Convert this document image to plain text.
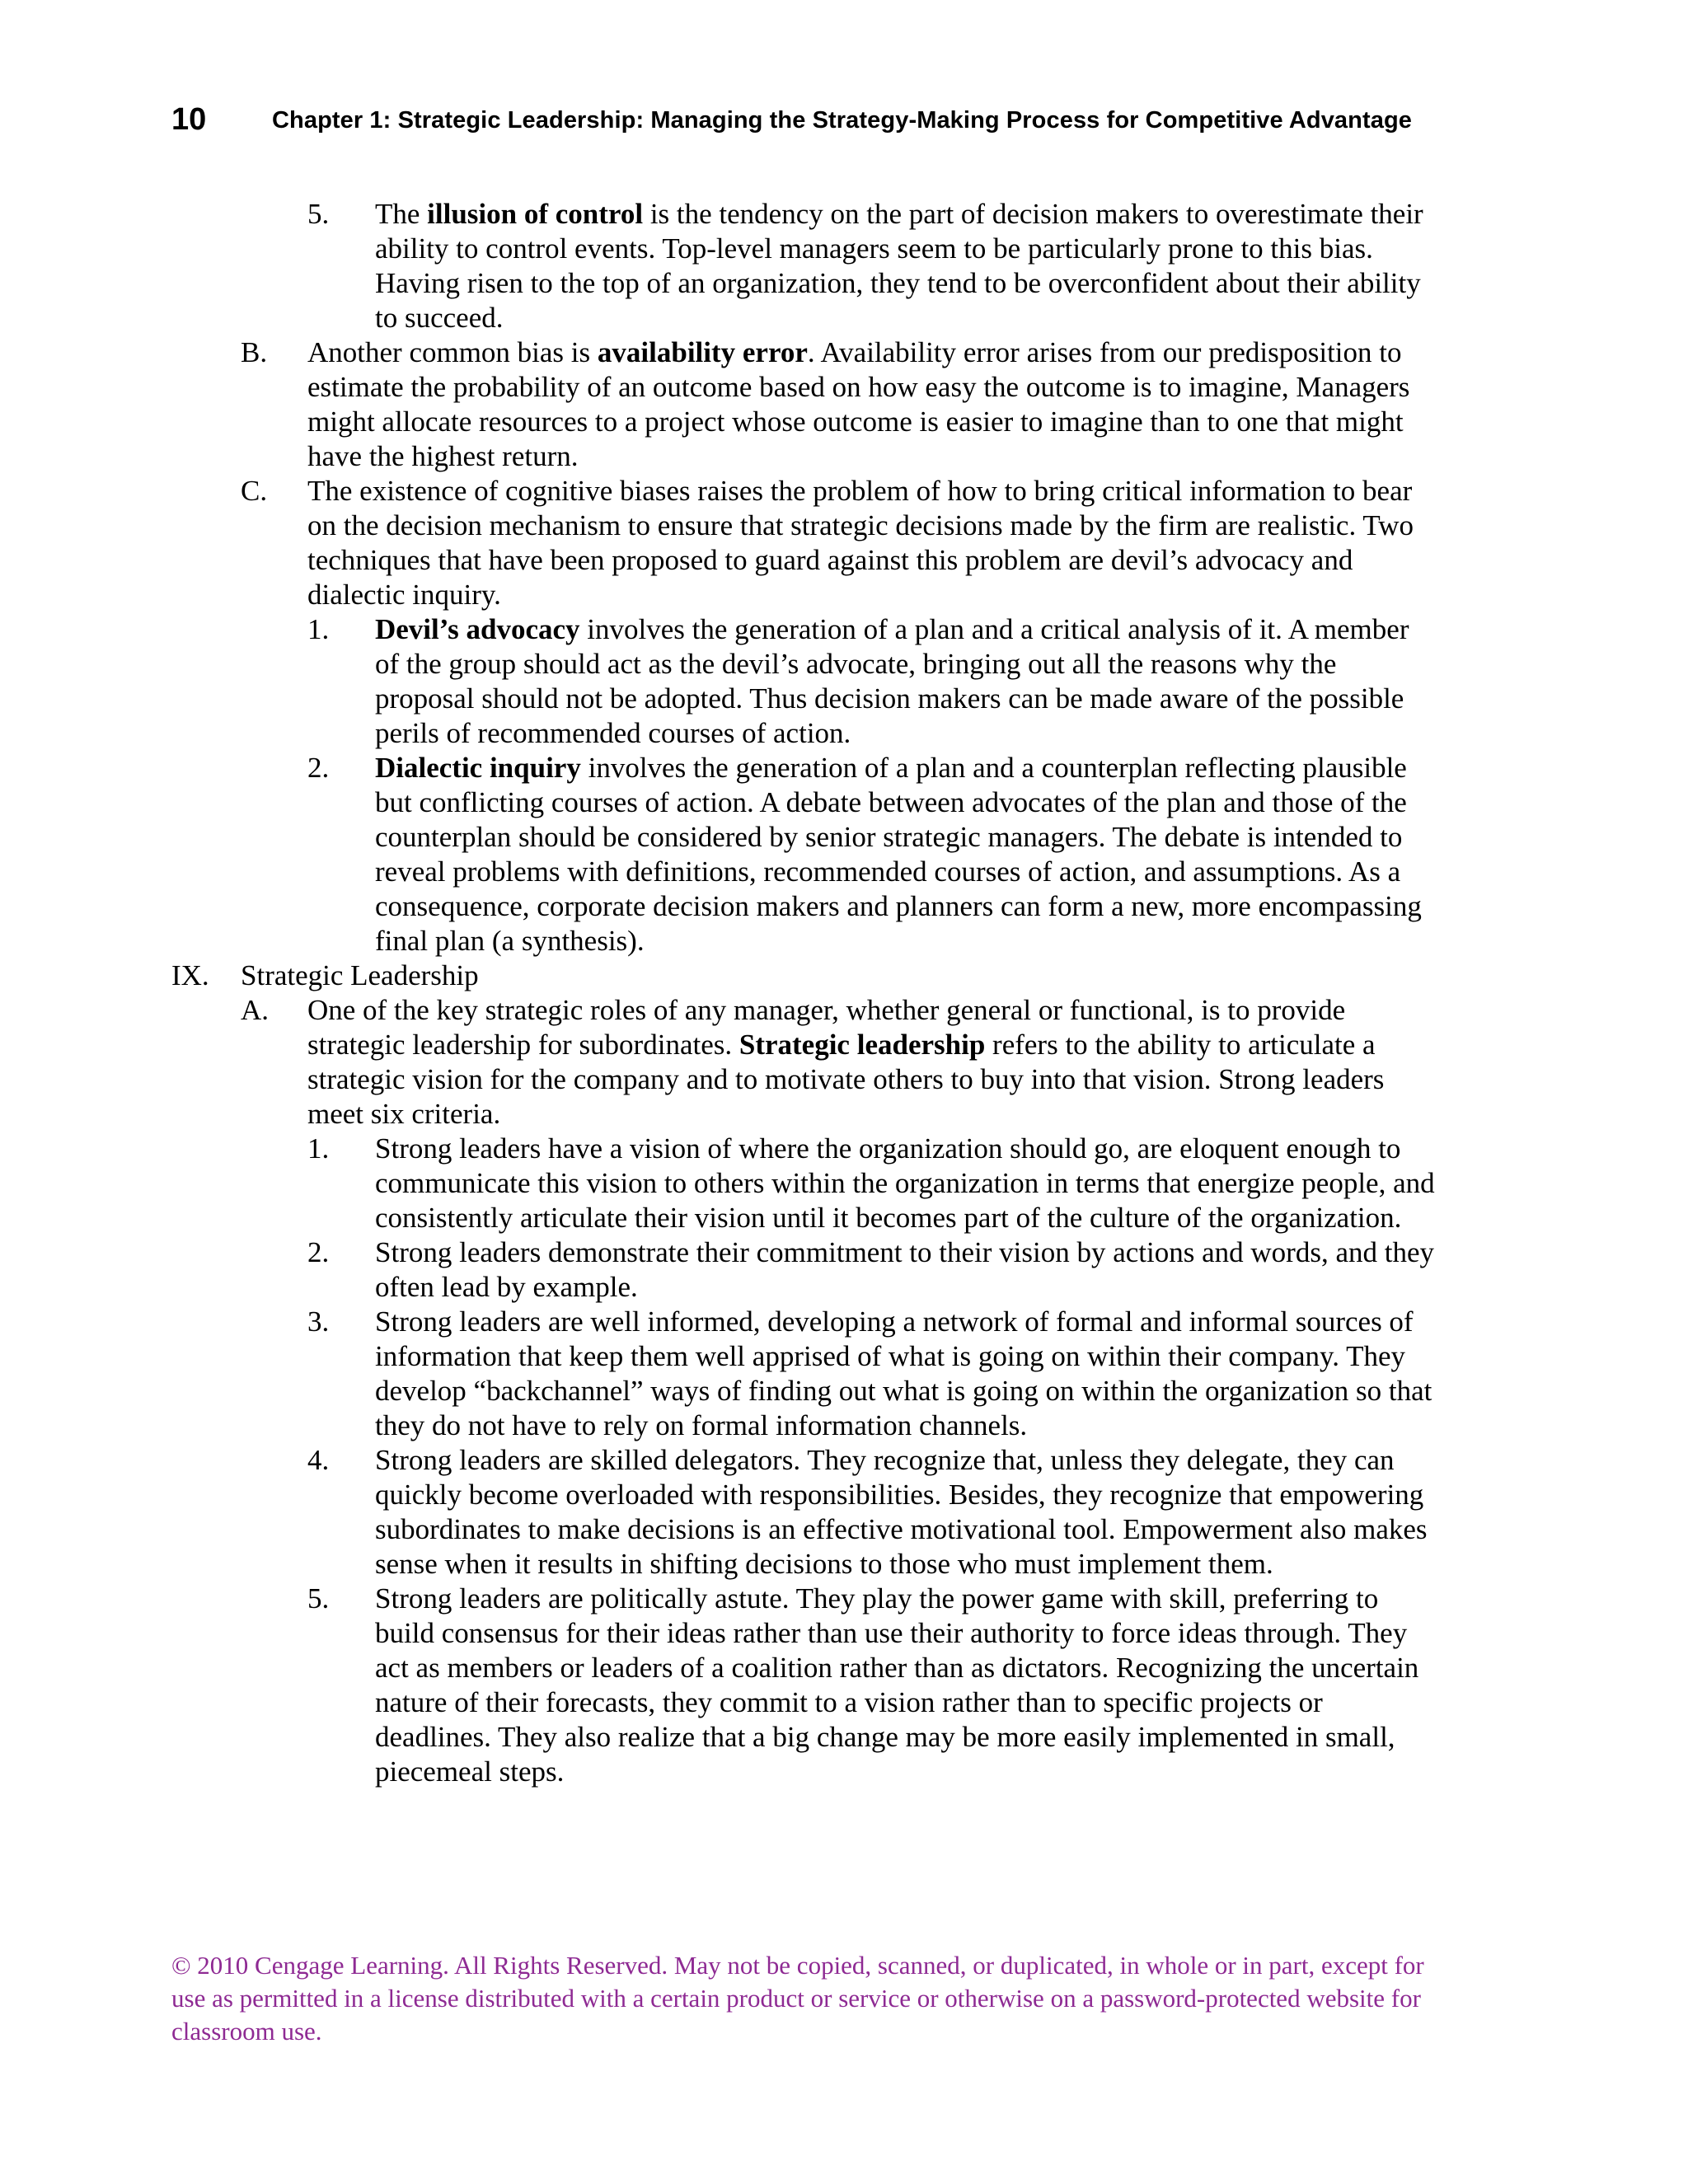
10	Chapter 1: Strategic Leadership: Managing the Strategy-Making Process for Competitive Advantage
5. The illusion of control is the tendency on the part of decision makers to overestimate their ability to control events. Top-level managers seem to be particularly prone to this bias. Having risen to the top of an organization, they tend to be overconfident about their ability to succeed.
B. Another common bias is availability error. Availability error arises from our predisposition to estimate the probability of an outcome based on how easy the outcome is to imagine, Managers might allocate resources to a project whose outcome is easier to imagine than to one that might have the highest return.
C. The existence of cognitive biases raises the problem of how to bring critical information to bear on the decision mechanism to ensure that strategic decisions made by the firm are realistic. Two techniques that have been proposed to guard against this problem are devil’s advocacy and dialectic inquiry.
1. Devil’s advocacy involves the generation of a plan and a critical analysis of it. A member of the group should act as the devil’s advocate, bringing out all the reasons why the proposal should not be adopted. Thus decision makers can be made aware of the possible perils of recommended courses of action.
2. Dialectic inquiry involves the generation of a plan and a counterplan reflecting plausible but conflicting courses of action. A debate between advocates of the plan and those of the counterplan should be considered by senior strategic managers. The debate is intended to reveal problems with definitions, recommended courses of action, and assumptions. As a consequence, corporate decision makers and planners can form a new, more encompassing final plan (a synthesis).
IX. Strategic Leadership
A. One of the key strategic roles of any manager, whether general or functional, is to provide strategic leadership for subordinates. Strategic leadership refers to the ability to articulate a strategic vision for the company and to motivate others to buy into that vision. Strong leaders meet six criteria.
1. Strong leaders have a vision of where the organization should go, are eloquent enough to communicate this vision to others within the organization in terms that energize people, and consistently articulate their vision until it becomes part of the culture of the organization.
2. Strong leaders demonstrate their commitment to their vision by actions and words, and they often lead by example.
3. Strong leaders are well informed, developing a network of formal and informal sources of information that keep them well apprised of what is going on within their company. They develop “backchannel” ways of finding out what is going on within the organization so that they do not have to rely on formal information channels.
4. Strong leaders are skilled delegators. They recognize that, unless they delegate, they can quickly become overloaded with responsibilities. Besides, they recognize that empowering subordinates to make decisions is an effective motivational tool. Empowerment also makes sense when it results in shifting decisions to those who must implement them.
5. Strong leaders are politically astute. They play the power game with skill, preferring to build consensus for their ideas rather than use their authority to force ideas through. They act as members or leaders of a coalition rather than as dictators. Recognizing the uncertain nature of their forecasts, they commit to a vision rather than to specific projects or deadlines. They also realize that a big change may be more easily implemented in small, piecemeal steps.
© 2010 Cengage Learning. All Rights Reserved. May not be copied, scanned, or duplicated, in whole or in part, except for use as permitted in a license distributed with a certain product or service or otherwise on a password-protected website for classroom use.
